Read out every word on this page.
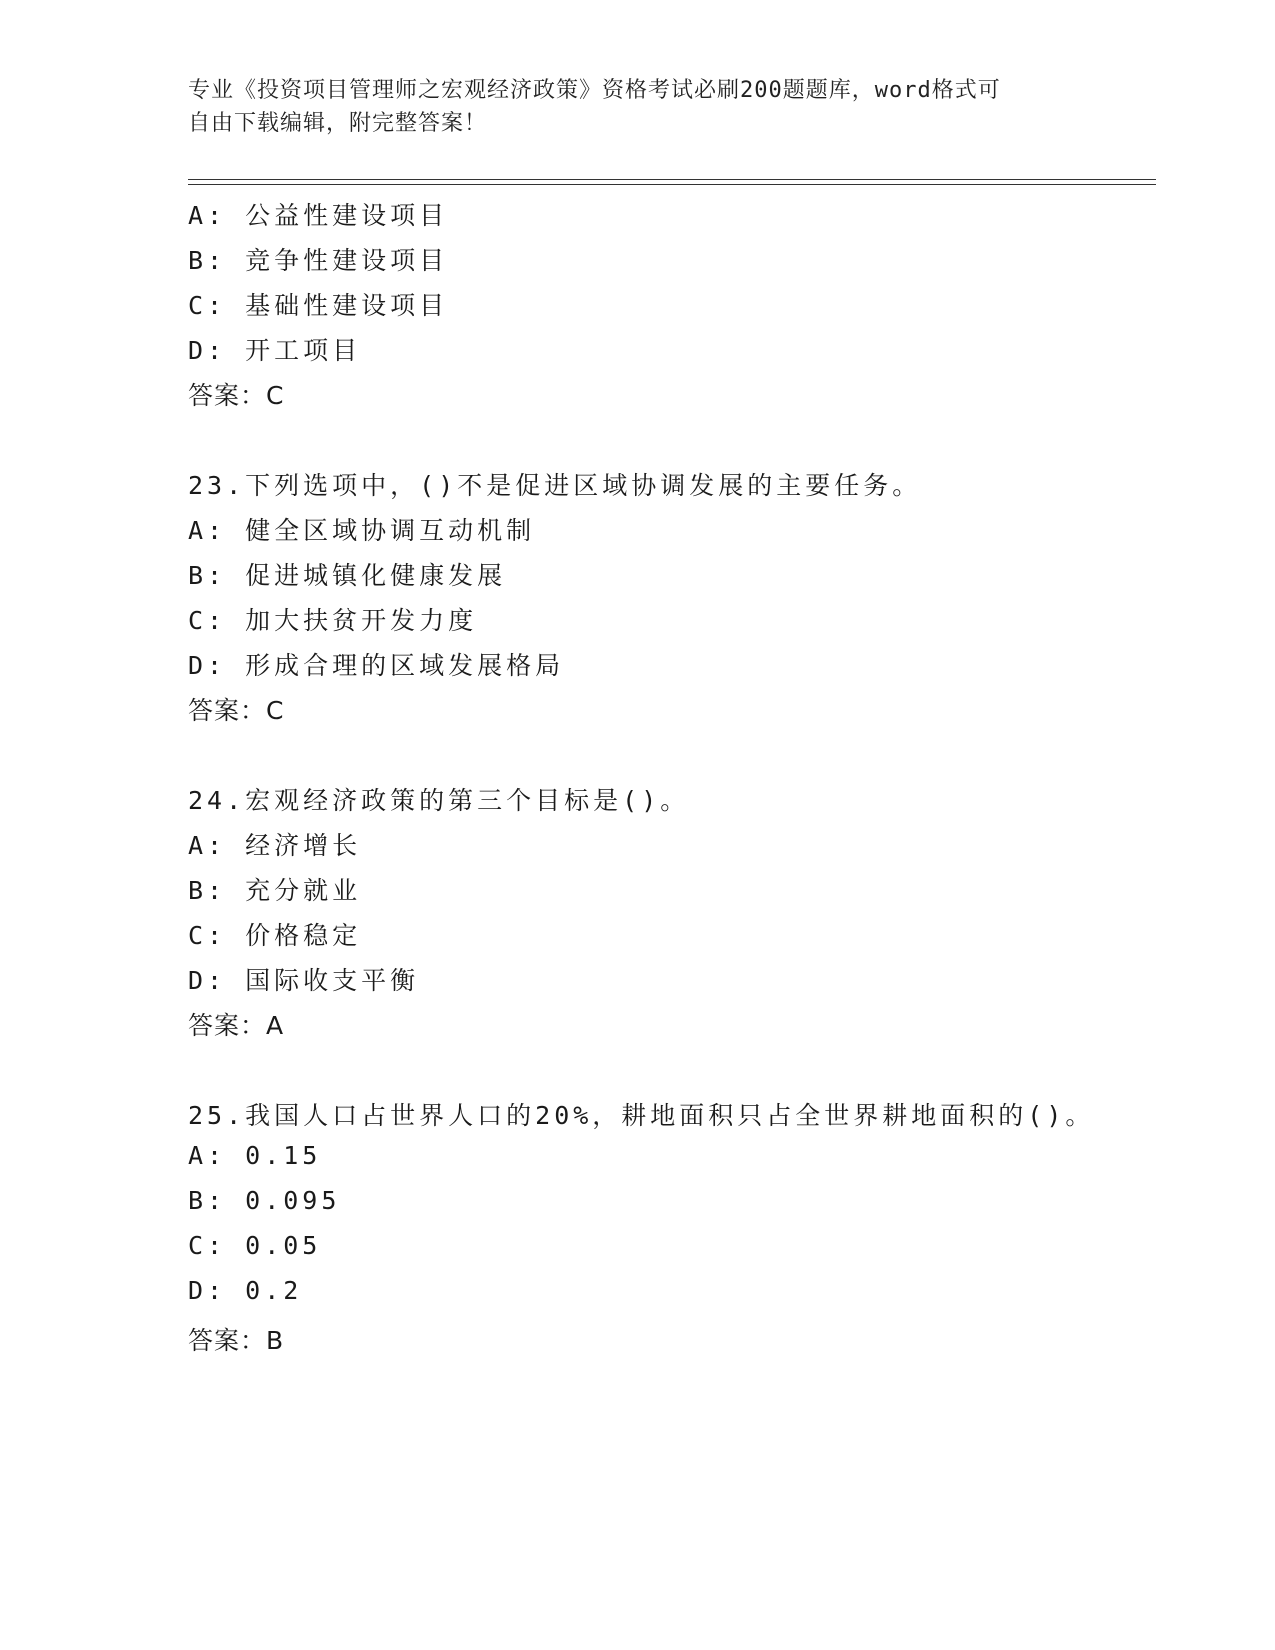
专业《投资项目管理师之宏观经济政策》资格考试必刷200题题库，word格式可
自由下载编辑，附完整答案！
A: 公益性建设项目
B: 竞争性建设项目
C: 基础性建设项目
D: 开工项目
答案：C
23.下列选项中，()不是促进区域协调发展的主要任务。
A: 健全区域协调互动机制
B: 促进城镇化健康发展
C: 加大扶贫开发力度
D: 形成合理的区域发展格局
答案：C
24.宏观经济政策的第三个目标是()。
A: 经济增长
B: 充分就业
C: 价格稳定
D: 国际收支平衡
答案：A
25.我国人口占世界人口的20%，耕地面积只占全世界耕地面积的()。
A: 0.15
B: 0.095
C: 0.05
D: 0.2
答案：B
